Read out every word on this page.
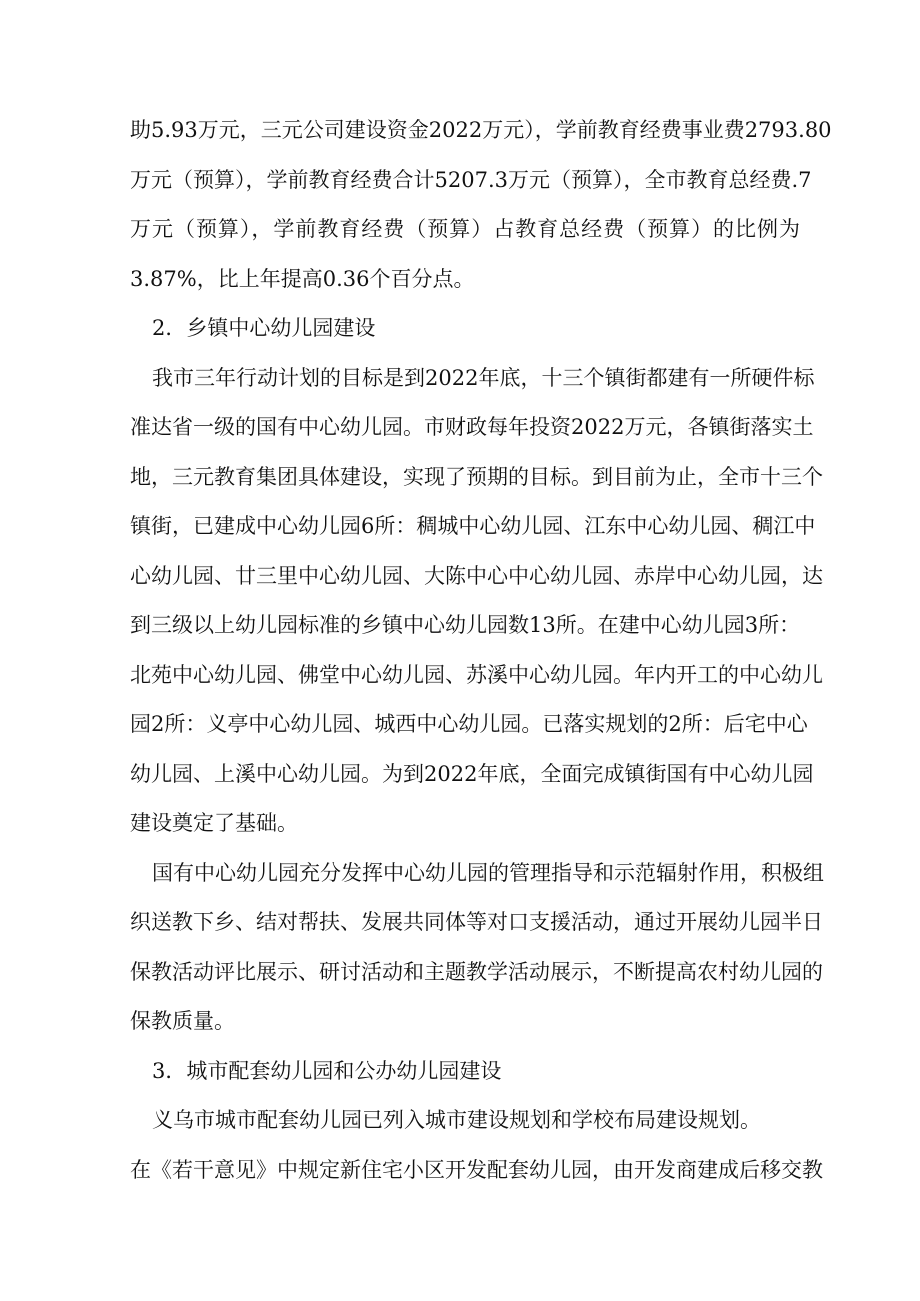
助5.93万元，三元公司建设资金2022万元），学前教育经费事业费2793.80
万元（预算），学前教育经费合计5207.3万元（预算），全市教育总经费.7
万元（预算），学前教育经费（预算）占教育总经费（预算）的比例为
3.87%，比上年提高0.36个百分点。
2．乡镇中心幼儿园建设
我市三年行动计划的目标是到2022年底，十三个镇街都建有一所硬件标
准达省一级的国有中心幼儿园。市财政每年投资2022万元，各镇街落实土
地，三元教育集团具体建设，实现了预期的目标。到目前为止，全市十三个
镇街，已建成中心幼儿园6所：稠城中心幼儿园、江东中心幼儿园、稠江中
心幼儿园、廿三里中心幼儿园、大陈中心中心幼儿园、赤岸中心幼儿园，达
到三级以上幼儿园标准的乡镇中心幼儿园数13所。在建中心幼儿园3所：
北苑中心幼儿园、佛堂中心幼儿园、苏溪中心幼儿园。年内开工的中心幼儿
园2所：义亭中心幼儿园、城西中心幼儿园。已落实规划的2所：后宅中心
幼儿园、上溪中心幼儿园。为到2022年底，全面完成镇街国有中心幼儿园
建设奠定了基础。
国有中心幼儿园充分发挥中心幼儿园的管理指导和示范辐射作用，积极组
织送教下乡、结对帮扶、发展共同体等对口支援活动，通过开展幼儿园半日
保教活动评比展示、研讨活动和主题教学活动展示，不断提高农村幼儿园的
保教质量。
3．城市配套幼儿园和公办幼儿园建设
义乌市城市配套幼儿园已列入城市建设规划和学校布局建设规划。
在《若干意见》中规定新住宅小区开发配套幼儿园，由开发商建成后移交教
